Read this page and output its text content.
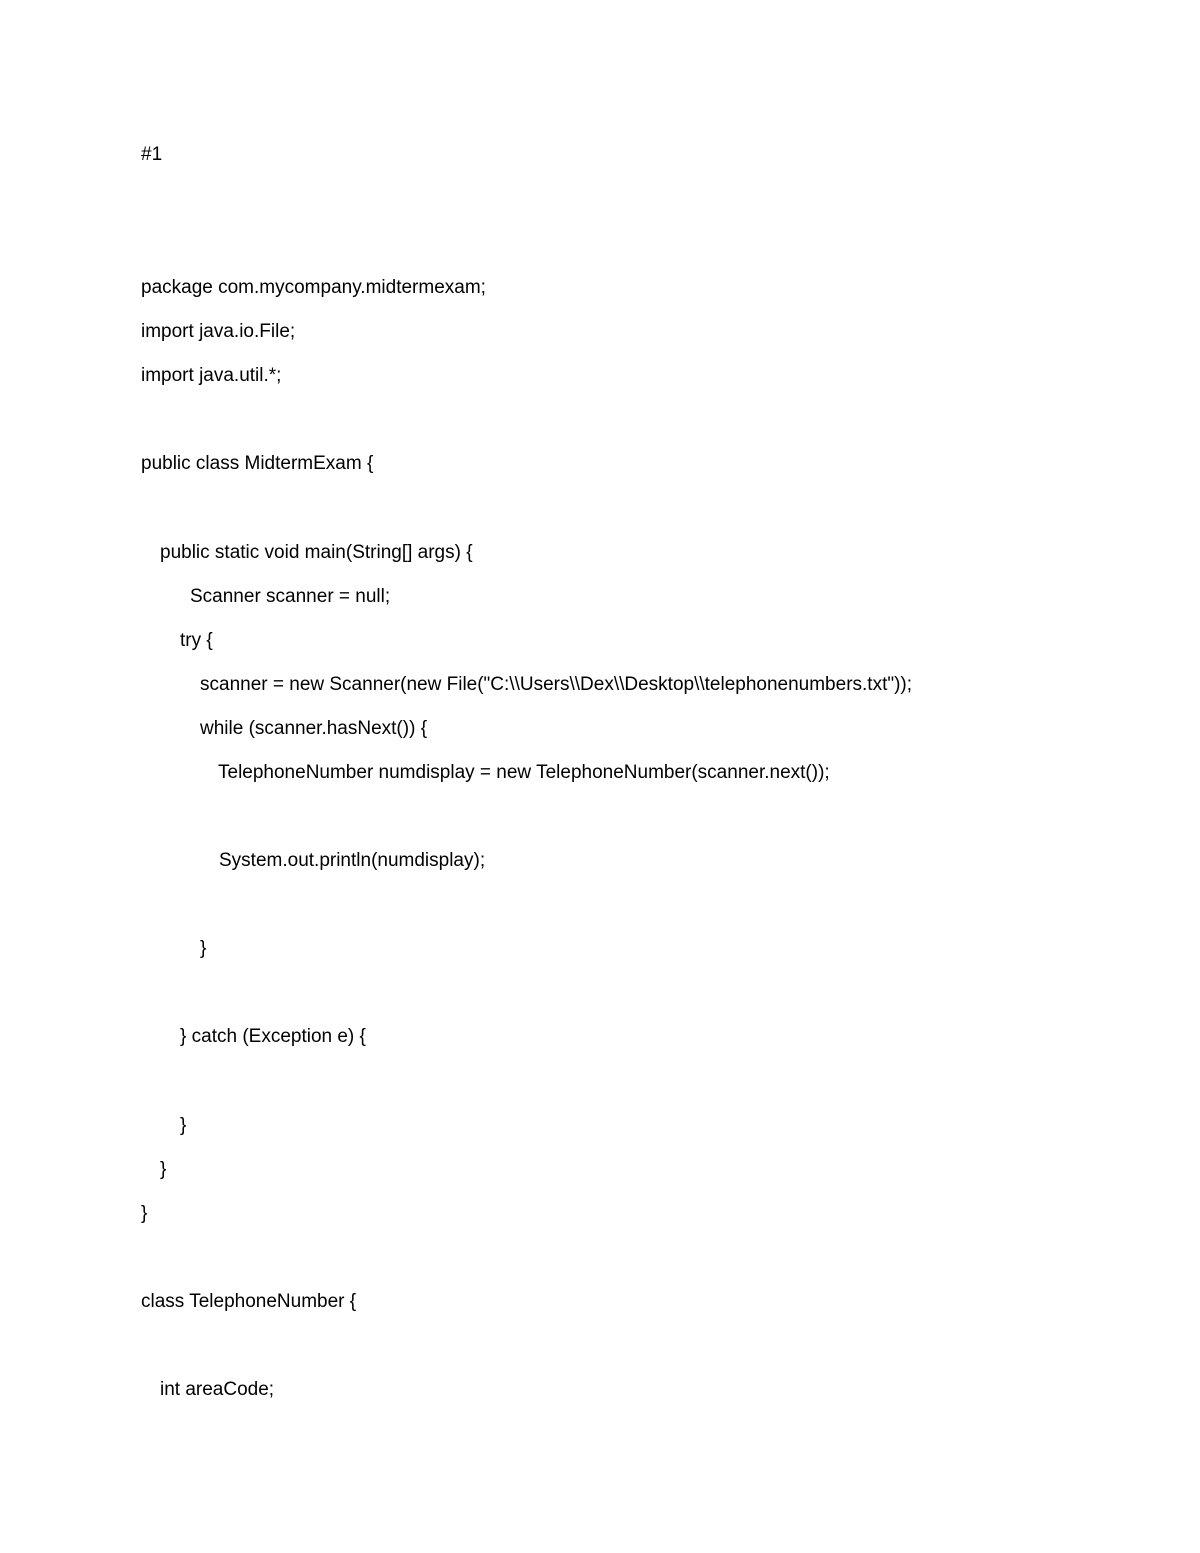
#1
package com.mycompany.midtermexam;
import java.io.File;
import java.util.*;
public class MidtermExam {
public static void main(String[] args) {
Scanner scanner = null;
try {
scanner = new Scanner(new File("C:\\Users\\Dex\\Desktop\\telephonenumbers.txt"));
while (scanner.hasNext()) {
TelephoneNumber numdisplay = new TelephoneNumber(scanner.next());
System.out.println(numdisplay);
}
} catch (Exception e) {
}
}
}
class TelephoneNumber {
int areaCode;
